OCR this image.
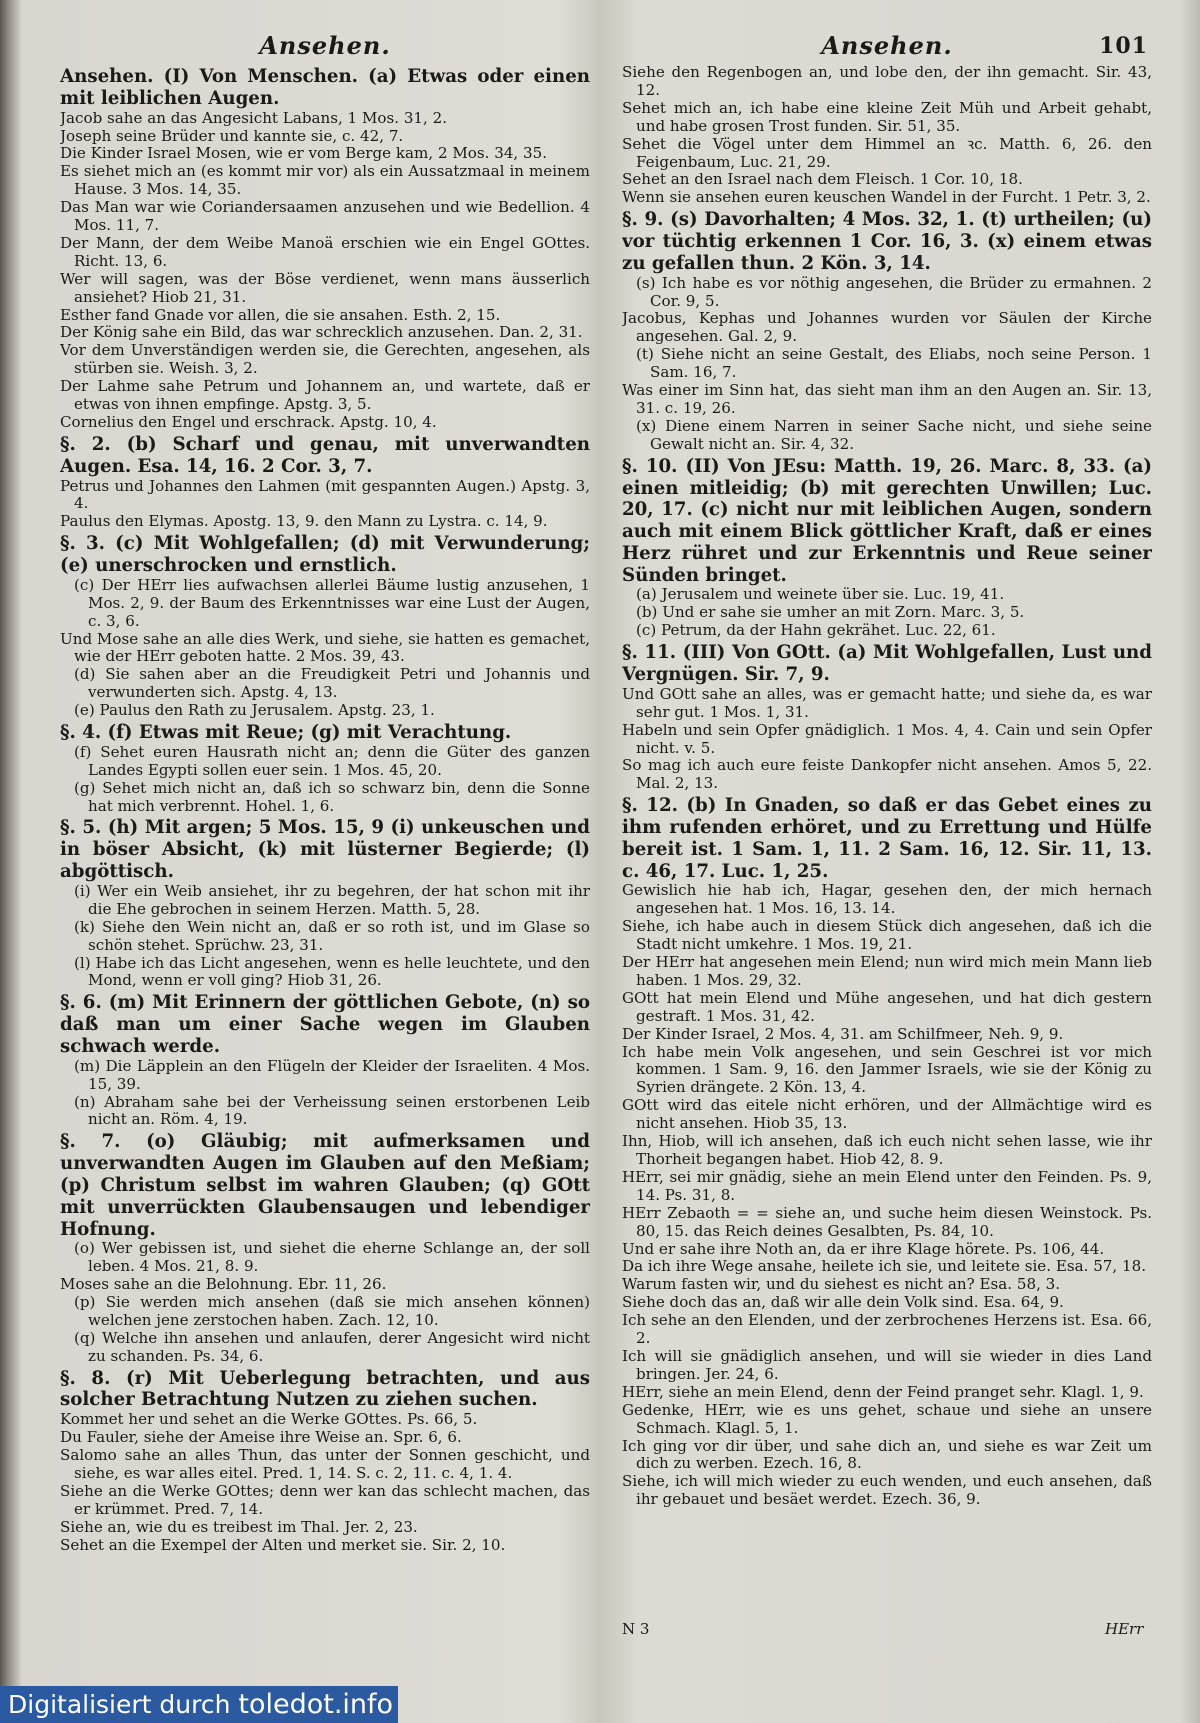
Ansehen.
Ansehen. (I) Von Menschen. (a) Etwas oder einen mit leiblichen Augen.
Jacob sahe an das Angesicht Labans, 1 Mos. 31, 2.
Joseph seine Brüder und kannte sie, c. 42, 7.
Die Kinder Israel Mosen, wie er vom Berge kam, 2 Mos. 34, 35.
Es siehet mich an (es kommt mir vor) als ein Aussatzmaal in meinem Hause. 3 Mos. 14, 35.
Das Man war wie Coriandersaamen anzusehen und wie Bedellion. 4 Mos. 11, 7.
Der Mann, der dem Weibe Manoä erschien wie ein Engel GOttes. Richt. 13, 6.
Wer will sagen, was der Böse verdienet, wenn mans äusserlich ansiehet? Hiob 21, 31.
Esther fand Gnade vor allen, die sie ansahen. Esth. 2, 15.
Der König sahe ein Bild, das war schrecklich anzusehen. Dan. 2, 31.
Vor dem Unverständigen werden sie, die Gerechten, angesehen, als stürben sie. Weish. 3, 2.
Der Lahme sahe Petrum und Johannem an, und wartete, daß er etwas von ihnen empfinge. Apstg. 3, 5.
Cornelius den Engel und erschrack. Apstg. 10, 4.
§. 2. (b) Scharf und genau, mit unverwandten Augen. Esa. 14, 16. 2 Cor. 3, 7.
Petrus und Johannes den Lahmen (mit gespannten Augen.) Apstg. 3, 4.
Paulus den Elymas. Apostg. 13, 9. den Mann zu Lystra. c. 14, 9.
§. 3. (c) Mit Wohlgefallen; (d) mit Verwunderung; (e) unerschrocken und ernstlich.
(c) Der HErr lies aufwachsen allerlei Bäume lustig anzusehen, 1 Mos. 2, 9. der Baum des Erkenntnisses war eine Lust der Augen, c. 3, 6.
Und Mose sahe an alle dies Werk, und siehe, sie hatten es gemachet, wie der HErr geboten hatte. 2 Mos. 39, 43.
(d) Sie sahen aber an die Freudigkeit Petri und Johannis und verwunderten sich. Apstg. 4, 13.
(e) Paulus den Rath zu Jerusalem. Apstg. 23, 1.
§. 4. (f) Etwas mit Reue; (g) mit Verachtung.
(f) Sehet euren Hausrath nicht an; denn die Güter des ganzen Landes Egypti sollen euer sein. 1 Mos. 45, 20.
(g) Sehet mich nicht an, daß ich so schwarz bin, denn die Sonne hat mich verbrennt. Hohel. 1, 6.
§. 5. (h) Mit argen; 5 Mos. 15, 9 (i) unkeuschen und in böser Absicht, (k) mit lüsterner Begierde; (l) abgöttisch.
(i) Wer ein Weib ansiehet, ihr zu begehren, der hat schon mit ihr die Ehe gebrochen in seinem Herzen. Matth. 5, 28.
(k) Siehe den Wein nicht an, daß er so roth ist, und im Glase so schön stehet. Sprüchw. 23, 31.
(l) Habe ich das Licht angesehen, wenn es helle leuchtete, und den Mond, wenn er voll ging? Hiob 31, 26.
§. 6. (m) Mit Erinnern der göttlichen Gebote, (n) so daß man um einer Sache wegen im Glauben schwach werde.
(m) Die Läpplein an den Flügeln der Kleider der Israeliten. 4 Mos. 15, 39.
(n) Abraham sahe bei der Verheissung seinen erstorbenen Leib nicht an. Röm. 4, 19.
§. 7. (o) Gläubig; mit aufmerksamen und unverwandten Augen im Glauben auf den Meßiam; (p) Christum selbst im wahren Glauben; (q) GOtt mit unverrückten Glaubensaugen und lebendiger Hofnung.
(o) Wer gebissen ist, und siehet die eherne Schlange an, der soll leben. 4 Mos. 21, 8. 9.
Moses sahe an die Belohnung. Ebr. 11, 26.
(p) Sie werden mich ansehen (daß sie mich ansehen können) welchen jene zerstochen haben. Zach. 12, 10.
(q) Welche ihn ansehen und anlaufen, derer Angesicht wird nicht zu schanden. Ps. 34, 6.
§. 8. (r) Mit Ueberlegung betrachten, und aus solcher Betrachtung Nutzen zu ziehen suchen.
Kommet her und sehet an die Werke GOttes. Ps. 66, 5.
Du Fauler, siehe der Ameise ihre Weise an. Spr. 6, 6.
Salomo sahe an alles Thun, das unter der Sonnen geschicht, und siehe, es war alles eitel. Pred. 1, 14. S. c. 2, 11. c. 4, 1. 4.
Siehe an die Werke GOttes; denn wer kan das schlecht machen, das er krümmet. Pred. 7, 14.
Siehe an, wie du es treibest im Thal. Jer. 2, 23.
Sehet an die Exempel der Alten und merket sie. Sir. 2, 10.
Ansehen.	101
Siehe den Regenbogen an, und lobe den, der ihn gemacht. Sir. 43, 12.
Sehet mich an, ich habe eine kleine Zeit Müh und Arbeit gehabt, und habe grosen Trost funden. Sir. 51, 35.
Sehet die Vögel unter dem Himmel an ꝛc. Matth. 6, 26. den Feigenbaum, Luc. 21, 29.
Sehet an den Israel nach dem Fleisch. 1 Cor. 10, 18.
Wenn sie ansehen euren keuschen Wandel in der Furcht. 1 Petr. 3, 2.
§. 9. (s) Davorhalten; 4 Mos. 32, 1. (t) urtheilen; (u) vor tüchtig erkennen 1 Cor. 16, 3. (x) einem etwas zu gefallen thun. 2 Kön. 3, 14.
(s) Ich habe es vor nöthig angesehen, die Brüder zu ermahnen. 2 Cor. 9, 5.
Jacobus, Kephas und Johannes wurden vor Säulen der Kirche angesehen. Gal. 2, 9.
(t) Siehe nicht an seine Gestalt, des Eliabs, noch seine Person. 1 Sam. 16, 7.
Was einer im Sinn hat, das sieht man ihm an den Augen an. Sir. 13, 31. c. 19, 26.
(x) Diene einem Narren in seiner Sache nicht, und siehe seine Gewalt nicht an. Sir. 4, 32.
§. 10. (II) Von JEsu: Matth. 19, 26. Marc. 8, 33. (a) einen mitleidig; (b) mit gerechten Unwillen; Luc. 20, 17. (c) nicht nur mit leiblichen Augen, sondern auch mit einem Blick göttlicher Kraft, daß er eines Herz rühret und zur Erkenntnis und Reue seiner Sünden bringet.
(a) Jerusalem und weinete über sie. Luc. 19, 41.
(b) Und er sahe sie umher an mit Zorn. Marc. 3, 5.
(c) Petrum, da der Hahn gekrähet. Luc. 22, 61.
§. 11. (III) Von GOtt. (a) Mit Wohlgefallen, Lust und Vergnügen. Sir. 7, 9.
Und GOtt sahe an alles, was er gemacht hatte; und siehe da, es war sehr gut. 1 Mos. 1, 31.
Habeln und sein Opfer gnädiglich. 1 Mos. 4, 4. Cain und sein Opfer nicht. v. 5.
So mag ich auch eure feiste Dankopfer nicht ansehen. Amos 5, 22. Mal. 2, 13.
§. 12. (b) In Gnaden, so daß er das Gebet eines zu ihm rufenden erhöret, und zu Errettung und Hülfe bereit ist. 1 Sam. 1, 11. 2 Sam. 16, 12. Sir. 11, 13. c. 46, 17. Luc. 1, 25.
Gewislich hie hab ich, Hagar, gesehen den, der mich hernach angesehen hat. 1 Mos. 16, 13. 14.
Siehe, ich habe auch in diesem Stück dich angesehen, daß ich die Stadt nicht umkehre. 1 Mos. 19, 21.
Der HErr hat angesehen mein Elend; nun wird mich mein Mann lieb haben. 1 Mos. 29, 32.
GOtt hat mein Elend und Mühe angesehen, und hat dich gestern gestraft. 1 Mos. 31, 42.
Der Kinder Israel, 2 Mos. 4, 31. am Schilfmeer, Neh. 9, 9.
Ich habe mein Volk angesehen, und sein Geschrei ist vor mich kommen. 1 Sam. 9, 16. den Jammer Israels, wie sie der König zu Syrien drängete. 2 Kön. 13, 4.
GOtt wird das eitele nicht erhören, und der Allmächtige wird es nicht ansehen. Hiob 35, 13.
Ihn, Hiob, will ich ansehen, daß ich euch nicht sehen lasse, wie ihr Thorheit begangen habet. Hiob 42, 8. 9.
HErr, sei mir gnädig, siehe an mein Elend unter den Feinden. Ps. 9, 14. Ps. 31, 8.
HErr Zebaoth = = siehe an, und suche heim diesen Weinstock. Ps. 80, 15. das Reich deines Gesalbten, Ps. 84, 10.
Und er sahe ihre Noth an, da er ihre Klage hörete. Ps. 106, 44.
Da ich ihre Wege ansahe, heilete ich sie, und leitete sie. Esa. 57, 18.
Warum fasten wir, und du siehest es nicht an? Esa. 58, 3.
Siehe doch das an, daß wir alle dein Volk sind. Esa. 64, 9.
Ich sehe an den Elenden, und der zerbrochenes Herzens ist. Esa. 66, 2.
Ich will sie gnädiglich ansehen, und will sie wieder in dies Land bringen. Jer. 24, 6.
HErr, siehe an mein Elend, denn der Feind pranget sehr. Klagl. 1, 9.
Gedenke, HErr, wie es uns gehet, schaue und siehe an unsere Schmach. Klagl. 5, 1.
Ich ging vor dir über, und sahe dich an, und siehe es war Zeit um dich zu werben. Ezech. 16, 8.
Siehe, ich will mich wieder zu euch wenden, und euch ansehen, daß ihr gebauet und besäet werdet. Ezech. 36, 9.
N 3	HErr
Digitalisiert durch toledot.info
